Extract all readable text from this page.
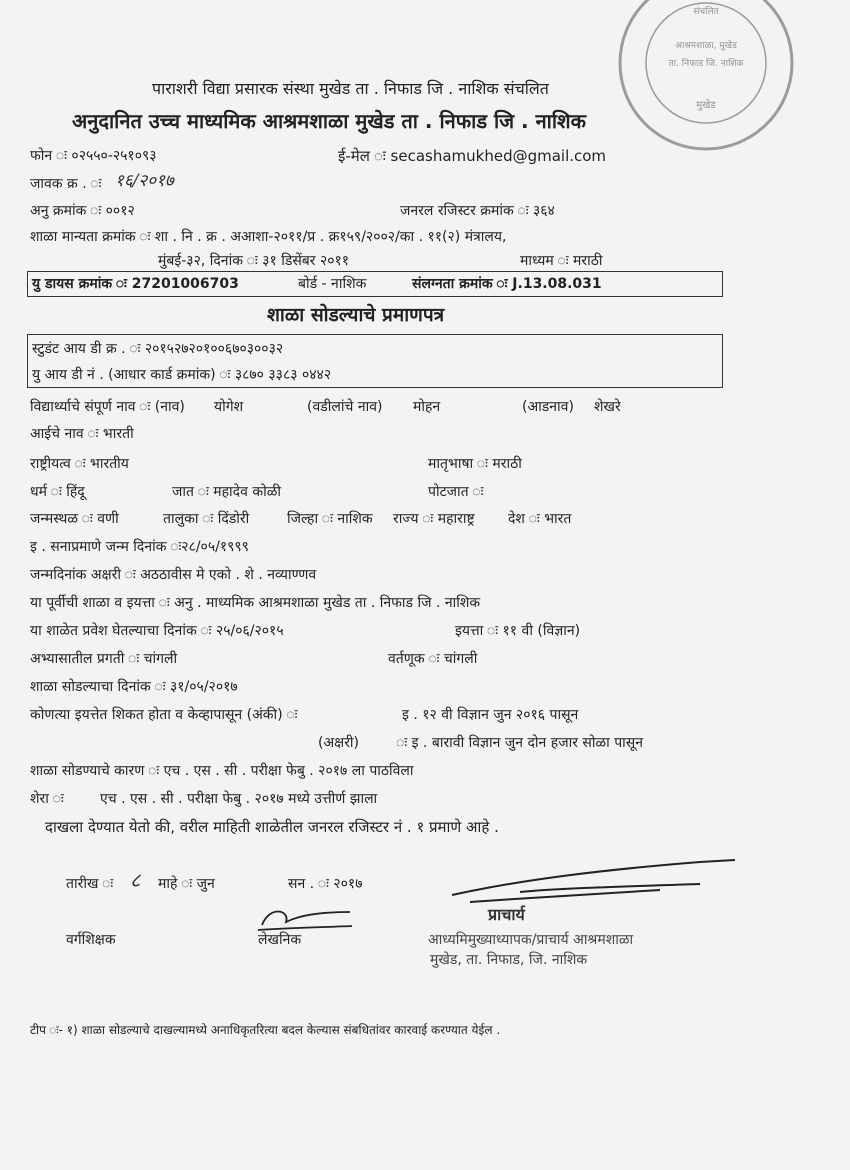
संचलित
आश्रमशाळा, मुखेड
ता. निफाड जि. नाशिक
मुखेड
पाराशरी विद्या प्रसारक संस्था मुखेड ता . निफाड जि . नाशिक संचलित
अनुदानित उच्च माध्यमिक आश्रमशाळा मुखेड ता . निफाड जि . नाशिक
फोन ः ०२५५०-२५१०९३	ई-मेल ः secashamukhed@gmail.com
जावक क्र . ः १६/२०१७
अनु क्रमांक ः ००१२	जनरल रजिस्टर क्रमांक ः ३६४
शाळा मान्यता क्रमांक ः शा . नि . क्र . अआशा-२०११/प्र . क्र१५९/२००२/का . ११(२) मंत्रालय,
मुंबई-३२, दिनांक ः ३१ डिसेंबर २०११	माध्यम ः मराठी
यु डायस क्रमांक ः 27201006703	बोर्ड - नाशिक	संलग्नता क्रमांक ः J.13.08.031
शाळा सोडल्याचे प्रमाणपत्र
स्टुडंट आय डी क्र . ः २०१५२७२०१००६७०३००३२
यु आय डी नं . (आधार कार्ड क्रमांक) ः ३८७० ३३८३ ०४४२
विद्यार्थ्याचे संपूर्ण नाव ः (नाव) योगेश	(वडीलांचे नाव) मोहन	(आडनाव) शेखरे
आईचे नाव ः भारती
राष्ट्रीयत्व ः भारतीय	मातृभाषा ः मराठी
धर्म ः हिंदू	जात ः महादेव कोळी	पोटजात ः
जन्मस्थळ ः वणी	तालुका ः दिंडोरी	जिल्हा ः नाशिक राज्य ः महाराष्ट्र देश ः भारत
इ . सनाप्रमाणे जन्म दिनांक ः२८/०५/१९९९
जन्मदिनांक अक्षरी ः अठठावीस मे एको . शे . नव्याण्णव
या पूर्वीची शाळा व इयत्ता ः अनु . माध्यमिक आश्रमशाळा मुखेड ता . निफाड जि . नाशिक
या शाळेत प्रवेश घेतल्याचा दिनांक ः २५/०६/२०१५	इयत्ता ः ११ वी (विज्ञान)
अभ्यासातील प्रगती ः चांगली	वर्तणूक ः चांगली
शाळा सोडल्याचा दिनांक ः ३१/०५/२०१७
कोणत्या इयत्तेत शिकत होता व केव्हापासून (अंकी) ः	इ . १२ वी विज्ञान जुन २०१६ पासून
(अक्षरी)	ः इ . बारावी विज्ञान जुन दोन हजार सोळा पासून
शाळा सोडण्याचे कारण ः एच . एस . सी . परीक्षा फेबु . २०१७ ला पाठविला
शेरा ः	एच . एस . सी . परीक्षा फेबु . २०१७ मध्ये उत्तीर्ण झाला
दाखला देण्यात येतो की, वरील माहिती शाळेतील जनरल रजिस्टर नं . १ प्रमाणे आहे .
तारीख ः ८ माहे ः जुन	सन . ः २०१७
प्राचार्य
वर्गशिक्षक	लेखनिक	आध्यमिमुख्याध्यापक/प्राचार्य आश्रमशाळा
मुखेड, ता. निफाड, जि. नाशिक
टीप ः- १) शाळा सोडल्याचे दाखल्यामध्ये अनाधिकृतरित्या बदल केल्यास संबधितांवर कारवाई करण्यात येईल .
